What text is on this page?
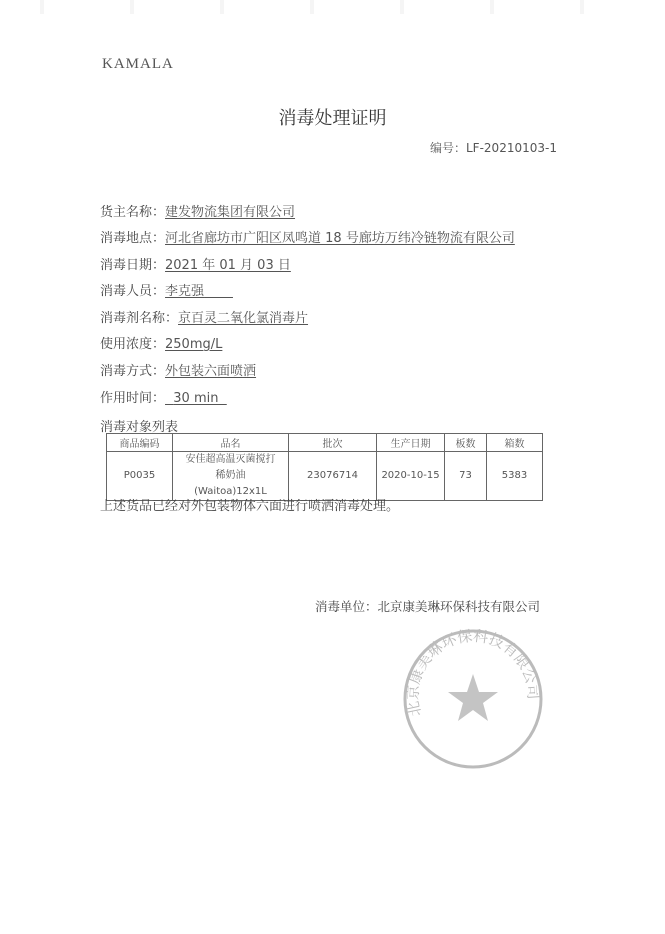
KAMALA
消毒处理证明
编号：LF-20210103-1
货主名称：建发物流集团有限公司
消毒地点：河北省廊坊市广阳区凤鸣道 18 号廊坊万纬冷链物流有限公司
消毒日期：2021 年 01 月 03 日
消毒人员：李克强
消毒剂名称：京百灵二氧化氯消毒片
使用浓度：250mg/L
消毒方式：外包装六面喷洒
作用时间： 30 min
消毒对象列表
商品编码	品名	批次	生产日期	板数	箱数
P0035	安佳超高温灭菌搅打稀奶油 (Waitoa)12x1L	23076714	2020-10-15	73	5383
上述货品已经对外包装物体六面进行喷洒消毒处理。
消毒单位：北京康美琳环保科技有限公司
北京康美琳环保科技有限公司
